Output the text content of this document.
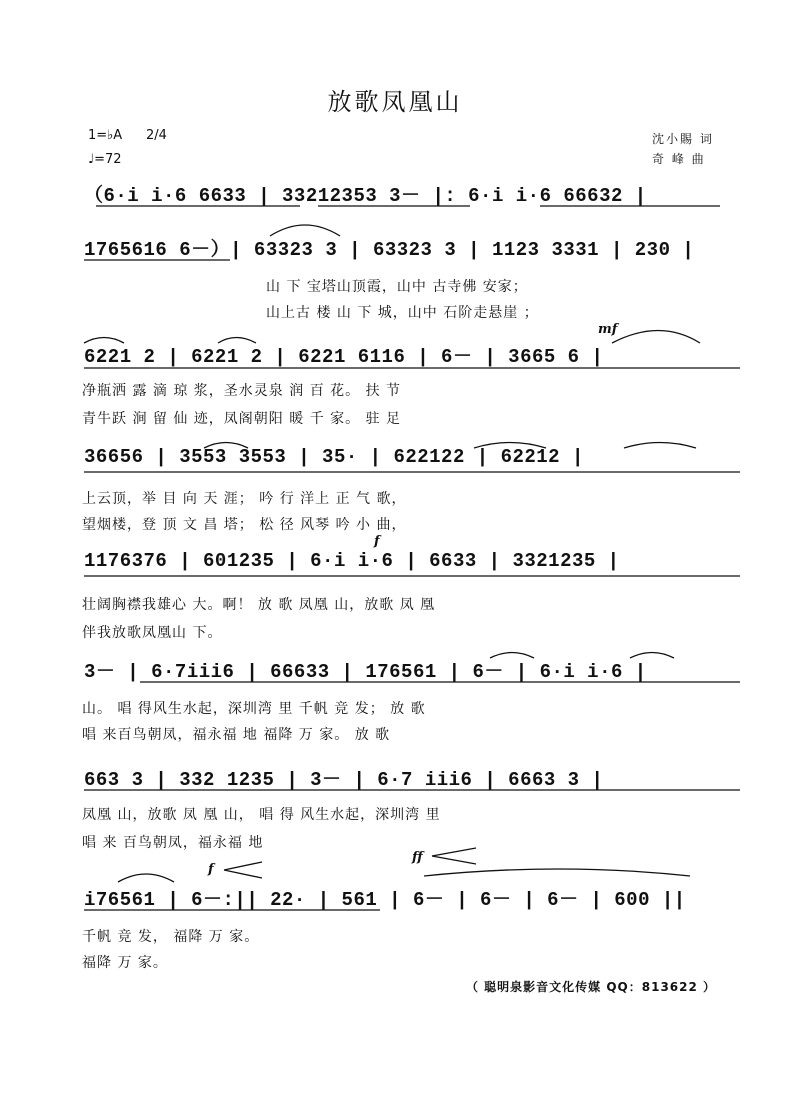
放歌凤凰山
1=♭A 2/4
♩=72
沈小賜 词
奇 峰 曲
（6·i i·6 6633 | 33212353 3－ |: 6·i i·6 66632 |
1765616 6－）| 63323 3 | 63323 3 | 1123 3331 | 230 |
山 下 宝塔山顶霞，山中 古寺佛 安家；
山上古 楼 山 下 城，山中 石阶走悬崖 ；
6221 2 | 6221 2 | 6221 6116 | 6－ | 3665 6 |
净瓶洒 露 滴 琼 浆，圣水灵泉 润 百 花。 扶 节
青牛跃 涧 留 仙 迹，凤阁朝阳 暖 千 家。 驻 足
36656 | 3553 3553 | 35· | 622122 | 62212 |
上云顶，举 目 向 天 涯； 吟 行 洋上 正 气 歌，
望烟楼，登 顶 文 昌 塔； 松 径 风琴 吟 小 曲，
1176376 | 601235 | 6·i i·6 | 6633 | 3321235 |
壮阔胸襟我雄心 大。啊！ 放 歌 凤凰 山，放歌 凤 凰
伴我放歌凤凰山 下。
3－ | 6·7iii6 | 66633 | 176561 | 6－ | 6·i i·6 |
山。 唱 得风生水起，深圳湾 里 千帆 竞 发； 放 歌
唱 来百鸟朝凤，福永福 地 福降 万 家。 放 歌
663 3 | 332 1235 | 3－ | 6·7 iii6 | 6663 3 |
凤凰 山，放歌 凤 凰 山， 唱 得 风生水起，深圳湾 里
唱 来 百鸟朝凤，福永福 地
i76561 | 6－:|| 22· | 561 | 6－ | 6－ | 6－ | 600 ||
千帆 竞 发， 福降 万 家。
福降 万 家。
mf
f
f
ff
（ 聪明泉影音文化传媒 QQ：813622 ）
